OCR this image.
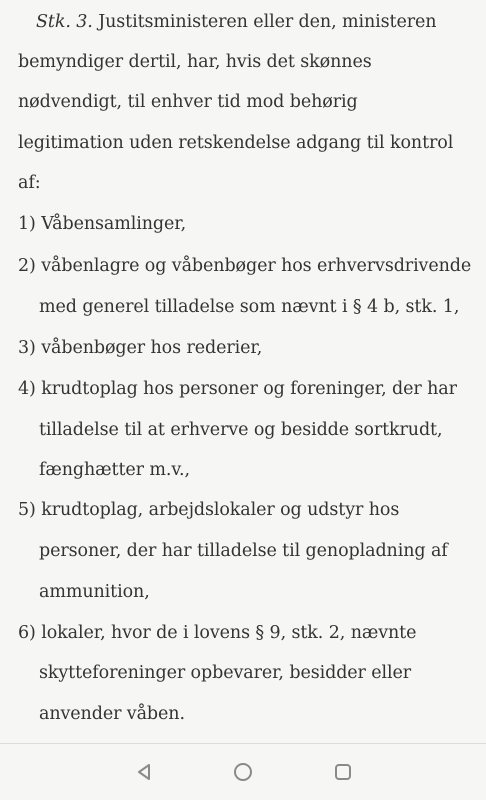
Stk. 3. Justitsministeren eller den, ministeren
bemyndiger dertil, har, hvis det skønnes
nødvendigt, til enhver tid mod behørig
legitimation uden retskendelse adgang til kontrol
af:
1) Våbensamlinger,
2) våbenlagre og våbenbøger hos erhvervsdrivende
med generel tilladelse som nævnt i § 4 b, stk. 1,
3) våbenbøger hos rederier,
4) krudtoplag hos personer og foreninger, der har
tilladelse til at erhverve og besidde sortkrudt,
fænghætter m.v.,
5) krudtoplag, arbejdslokaler og udstyr hos
personer, der har tilladelse til genopladning af
ammunition,
6) lokaler, hvor de i lovens § 9, stk. 2, nævnte
skytteforeninger opbevarer, besidder eller
anvender våben.
